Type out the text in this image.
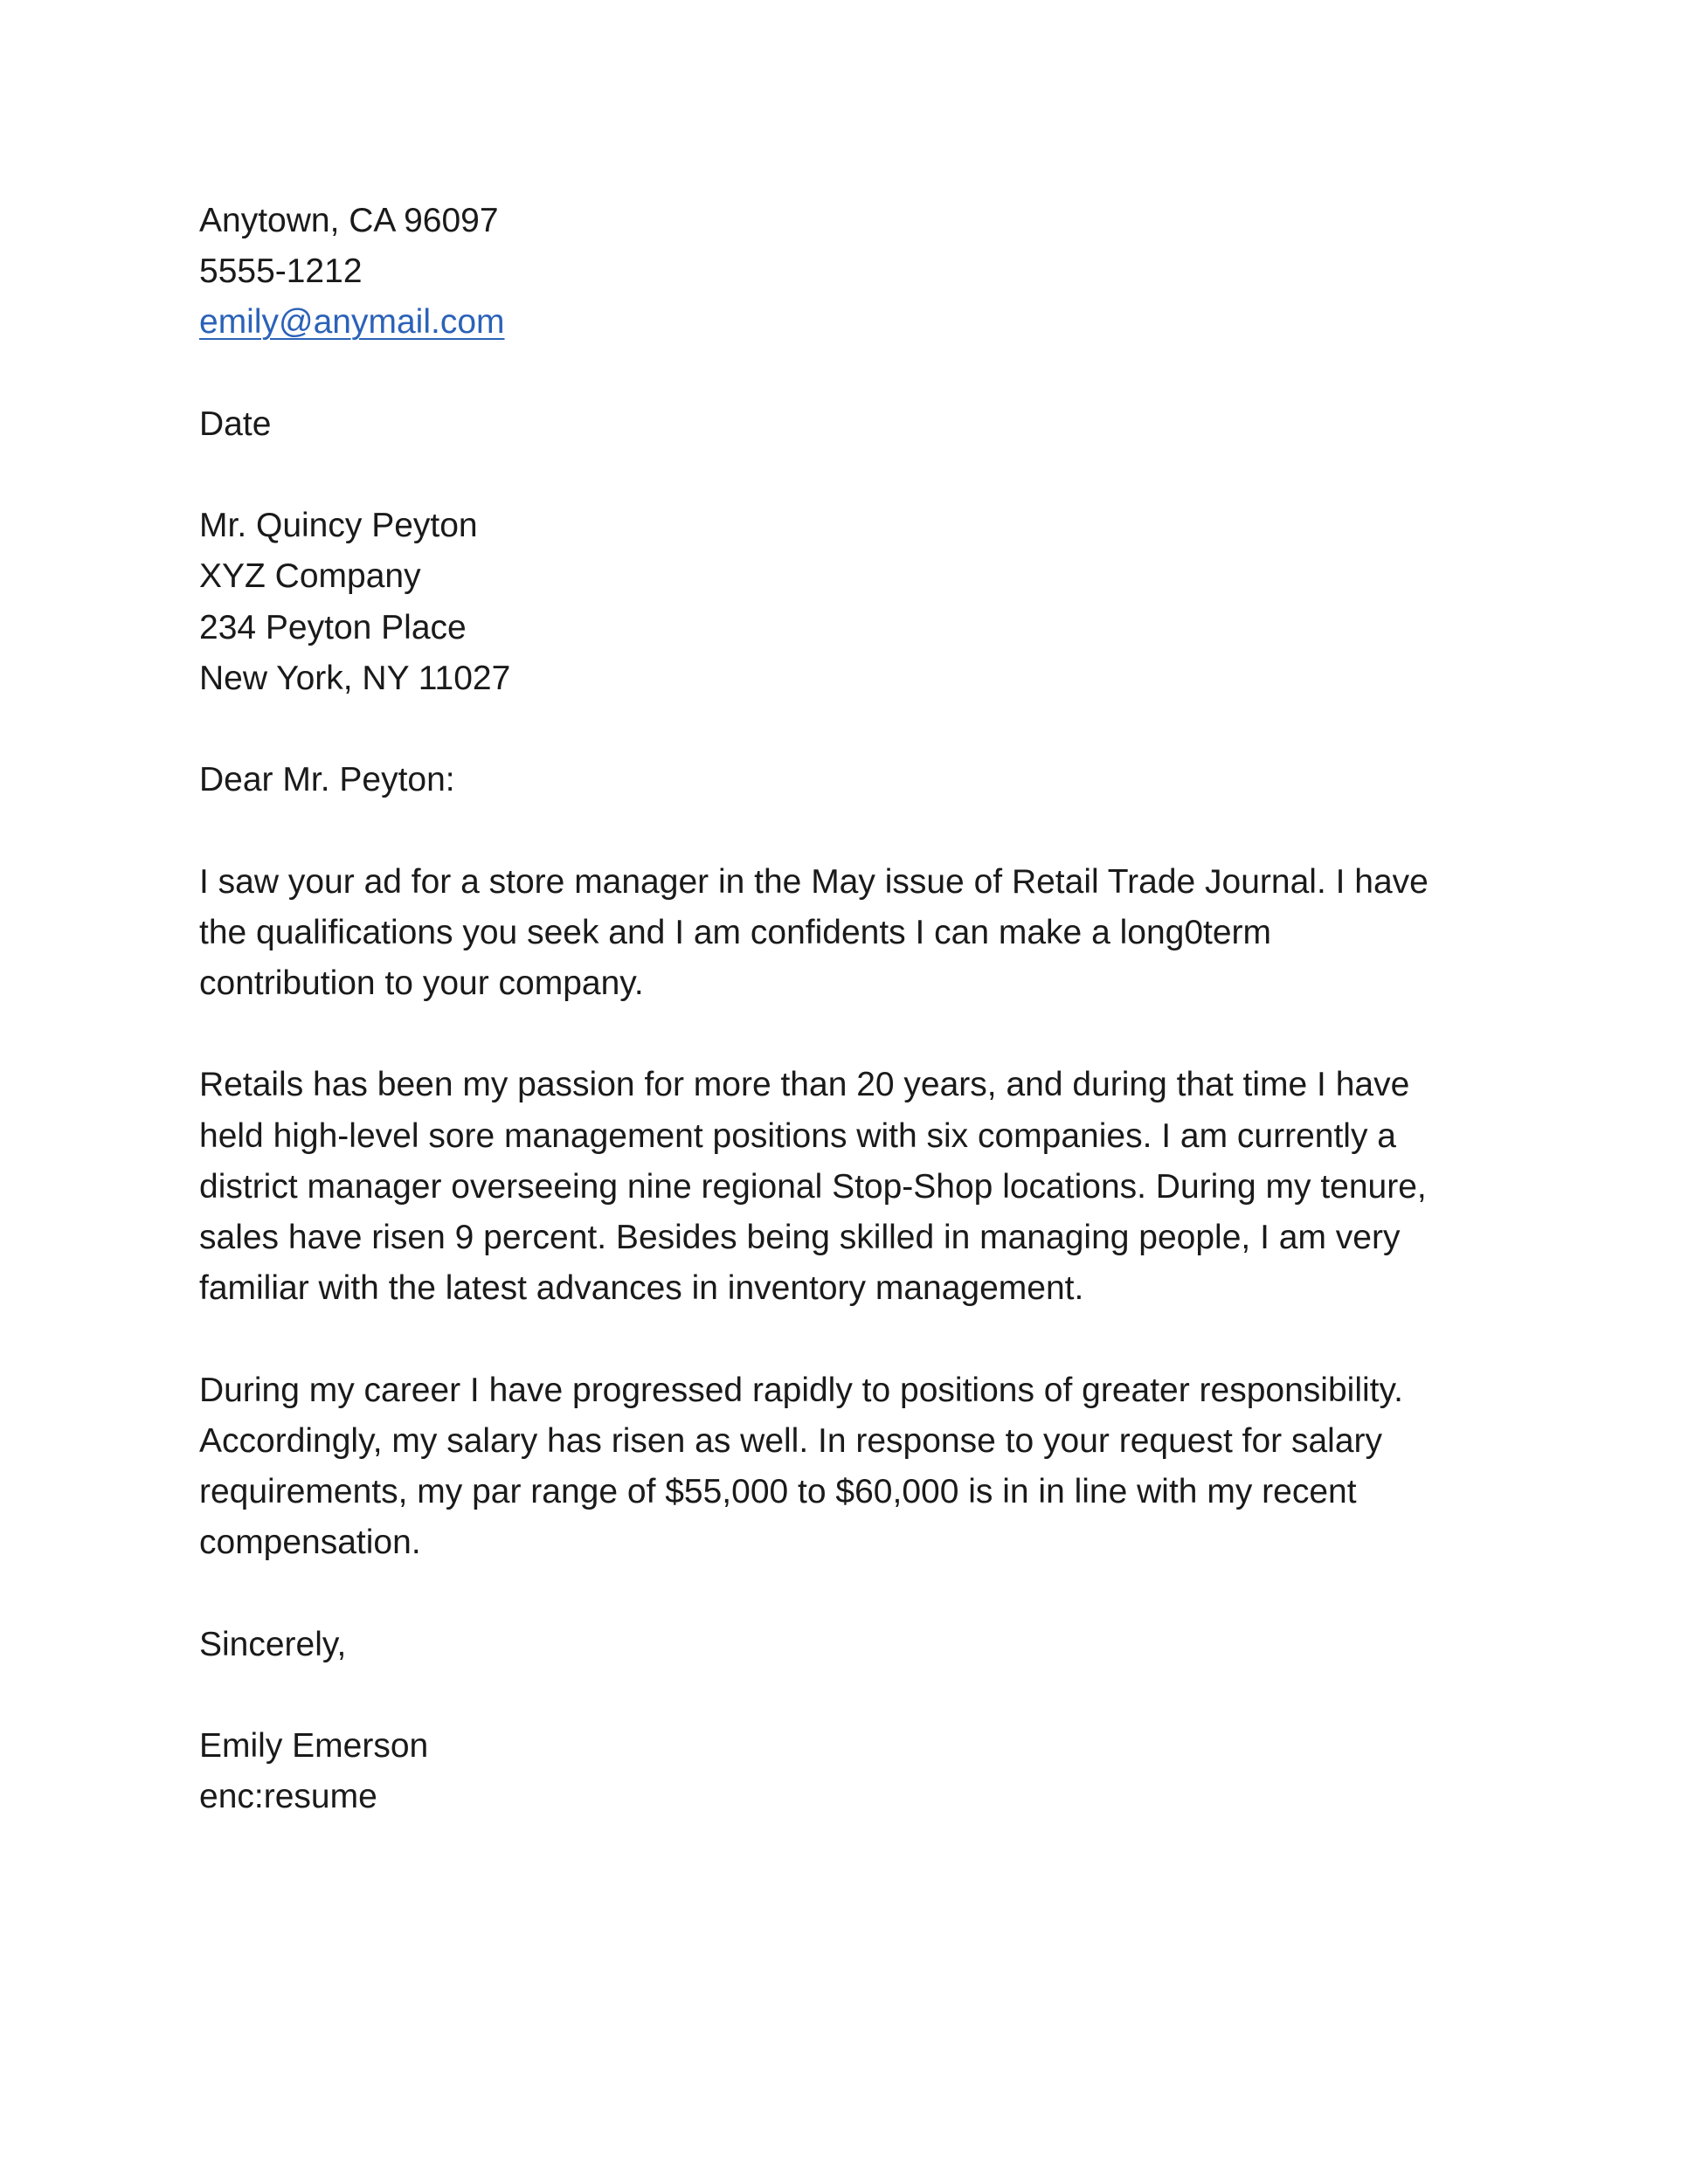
Anytown, CA 96097
5555-1212
emily@anymail.com
Date
Mr. Quincy Peyton
XYZ Company
234 Peyton Place
New York, NY 11027
Dear Mr. Peyton:
I saw your ad for a store manager in the May issue of Retail Trade Journal. I have
the qualifications you seek and I am confidents I can make a long0term
contribution to your company.
Retails has been my passion for more than 20 years, and during that time I have
held high-level sore management positions with six companies. I am currently a
district manager overseeing nine regional Stop-Shop locations. During my tenure,
sales have risen 9 percent. Besides being skilled in managing people, I am very
familiar with the latest advances in inventory management.
During my career I have progressed rapidly to positions of greater responsibility.
Accordingly, my salary has risen as well. In response to your request for salary
requirements, my par range of $55,000 to $60,000 is in in line with my recent
compensation.
Sincerely,
Emily Emerson
enc:resume
